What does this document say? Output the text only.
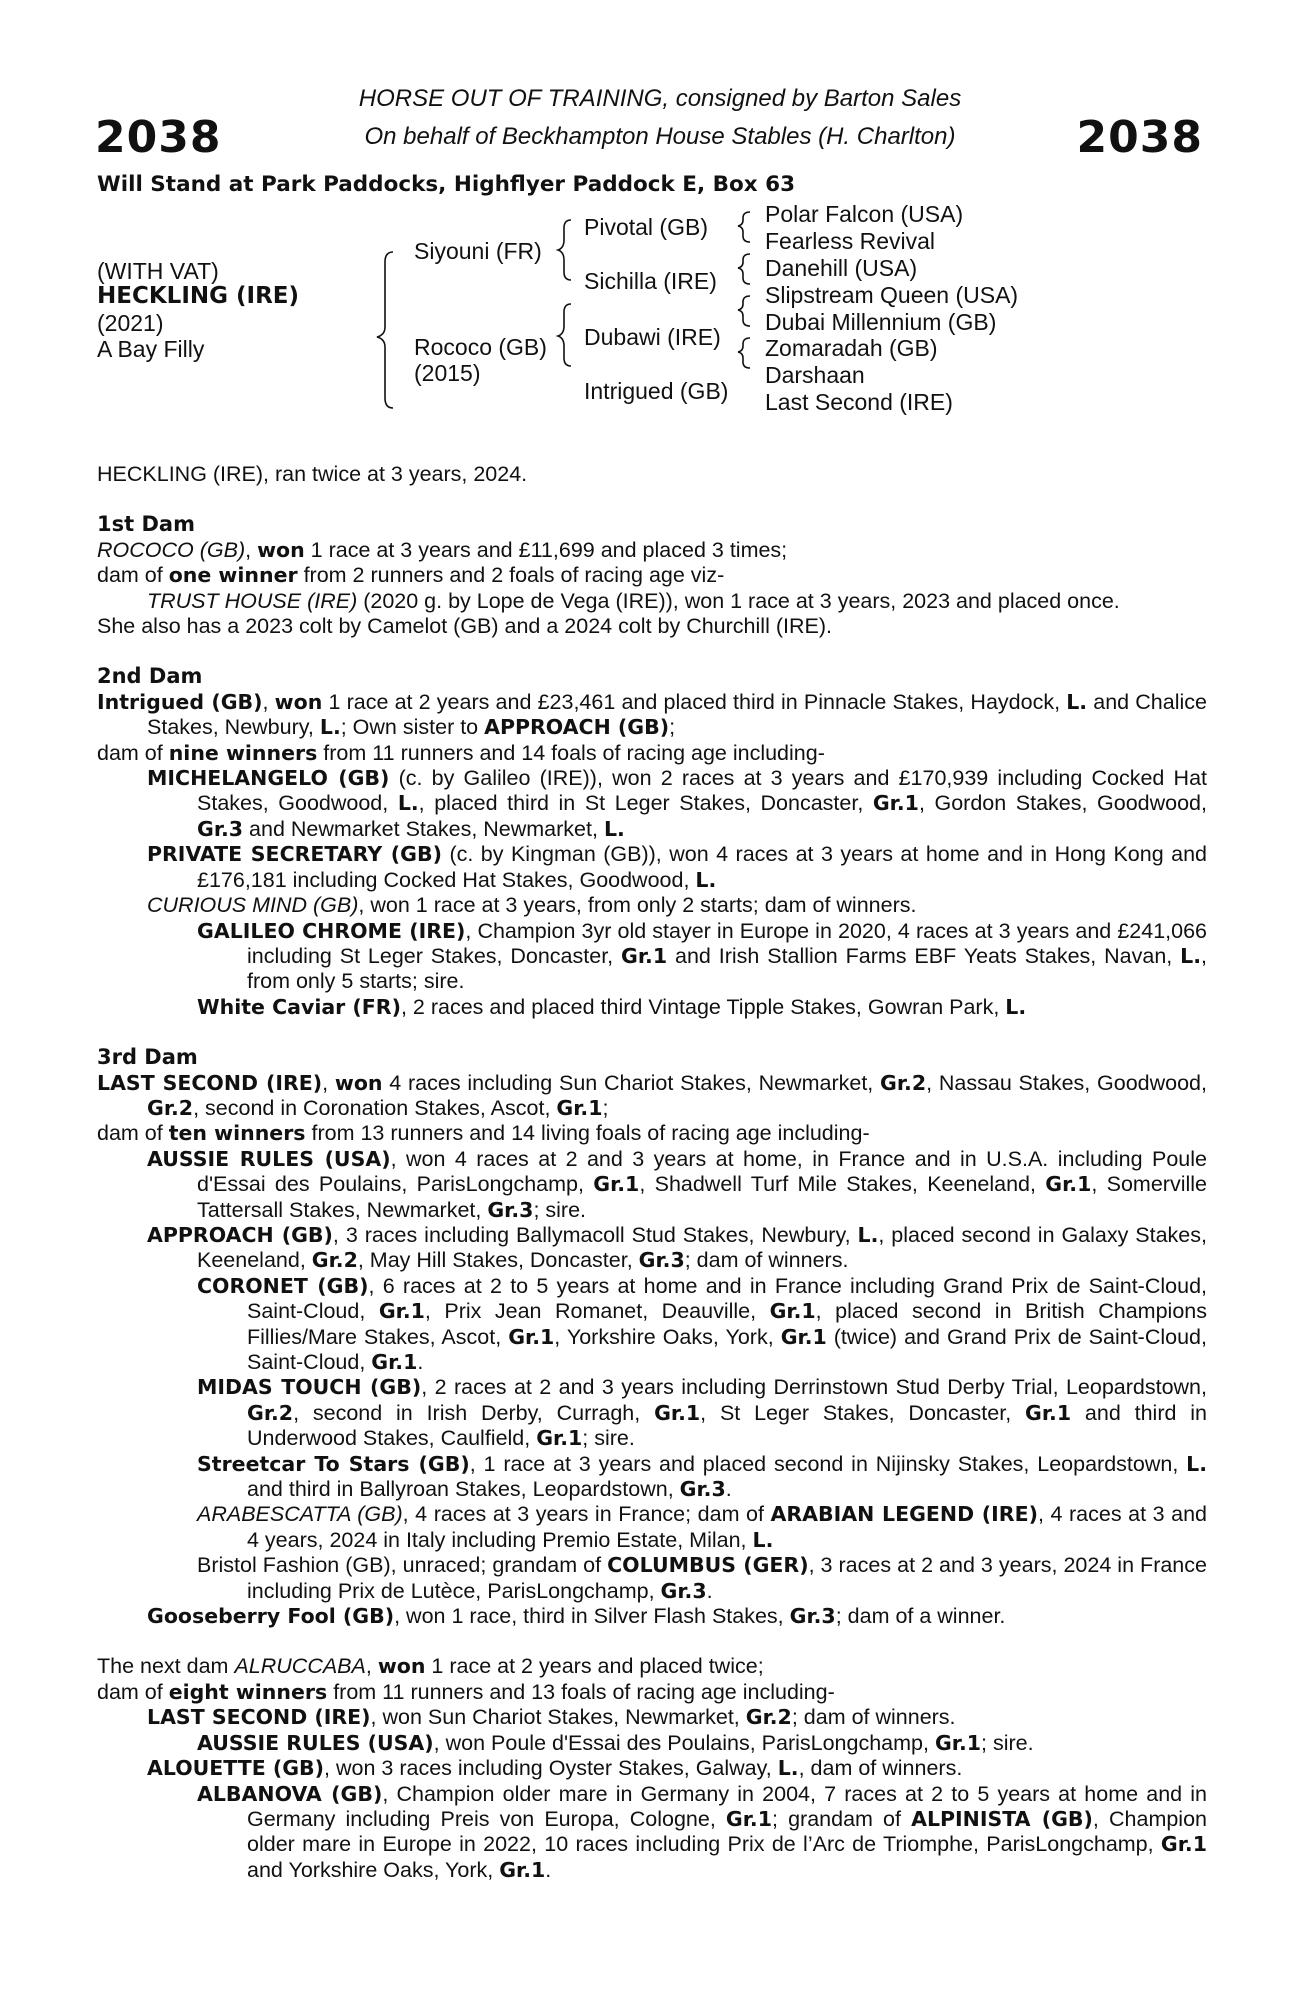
2038	2038
HORSE OUT OF TRAINING, consigned by Barton Sales
On behalf of Beckhampton House Stables (H. Charlton)
Will Stand at Park Paddocks, Highflyer Paddock E, Box 63
(WITH VAT)
HECKLING (IRE)
(2021)
A Bay Filly
Siyouni (FR)
Rococo (GB)
(2015)
Pivotal (GB)
Sichilla (IRE)
Dubawi (IRE)
Intrigued (GB)
Polar Falcon (USA)
Fearless Revival
Danehill (USA)
Slipstream Queen (USA)
Dubai Millennium (GB)
Zomaradah (GB)
Darshaan
Last Second (IRE)

HECKLING (IRE), ran twice at 3 years, 2024.

1st Dam

ROCOCO (GB), won 1 race at 3 years and £11,699 and placed 3 times;

dam of one winner from 2 runners and 2 foals of racing age viz-

TRUST HOUSE (IRE) (2020 g. by Lope de Vega (IRE)), won 1 race at 3 years, 2023 and placed once.

She also has a 2023 colt by Camelot (GB) and a 2024 colt by Churchill (IRE).

2nd Dam

Intrigued (GB), won 1 race at 2 years and £23,461 and placed third in Pinnacle Stakes, Haydock, L. and Chalice Stakes, Newbury, L.; Own sister to APPROACH (GB);

dam of nine winners from 11 runners and 14 foals of racing age including-

MICHELANGELO (GB) (c. by Galileo (IRE)), won 2 races at 3 years and £170,939 including Cocked Hat Stakes, Goodwood, L., placed third in St Leger Stakes, Doncaster, Gr.1, Gordon Stakes, Goodwood, Gr.3 and Newmarket Stakes, Newmarket, L.

PRIVATE SECRETARY (GB) (c. by Kingman (GB)), won 4 races at 3 years at home and in Hong Kong and £176,181 including Cocked Hat Stakes, Goodwood, L.

CURIOUS MIND (GB), won 1 race at 3 years, from only 2 starts; dam of winners.

GALILEO CHROME (IRE), Champion 3yr old stayer in Europe in 2020, 4 races at 3 years and £241,066 including St Leger Stakes, Doncaster, Gr.1 and Irish Stallion Farms EBF Yeats Stakes, Navan, L., from only 5 starts; sire.

White Caviar (FR), 2 races and placed third Vintage Tipple Stakes, Gowran Park, L.

3rd Dam

LAST SECOND (IRE), won 4 races including Sun Chariot Stakes, Newmarket, Gr.2, Nassau Stakes, Goodwood, Gr.2, second in Coronation Stakes, Ascot, Gr.1;

dam of ten winners from 13 runners and 14 living foals of racing age including-

AUSSIE RULES (USA), won 4 races at 2 and 3 years at home, in France and in U.S.A. including Poule d'Essai des Poulains, ParisLongchamp, Gr.1, Shadwell Turf Mile Stakes, Keeneland, Gr.1, Somerville Tattersall Stakes, Newmarket, Gr.3; sire.

APPROACH (GB), 3 races including Ballymacoll Stud Stakes, Newbury, L., placed second in Galaxy Stakes, Keeneland, Gr.2, May Hill Stakes, Doncaster, Gr.3; dam of winners.

CORONET (GB), 6 races at 2 to 5 years at home and in France including Grand Prix de Saint-Cloud, Saint-Cloud, Gr.1, Prix Jean Romanet, Deauville, Gr.1, placed second in British Champions Fillies/Mare Stakes, Ascot, Gr.1, Yorkshire Oaks, York, Gr.1 (twice) and Grand Prix de Saint-Cloud, Saint-Cloud, Gr.1.

MIDAS TOUCH (GB), 2 races at 2 and 3 years including Derrinstown Stud Derby Trial, Leopardstown, Gr.2, second in Irish Derby, Curragh, Gr.1, St Leger Stakes, Doncaster, Gr.1 and third in Underwood Stakes, Caulfield, Gr.1; sire.

Streetcar To Stars (GB), 1 race at 3 years and placed second in Nijinsky Stakes, Leopardstown, L. and third in Ballyroan Stakes, Leopardstown, Gr.3.

ARABESCATTA (GB), 4 races at 3 years in France; dam of ARABIAN LEGEND (IRE), 4 races at 3 and 4 years, 2024 in Italy including Premio Estate, Milan, L.

Bristol Fashion (GB), unraced; grandam of COLUMBUS (GER), 3 races at 2 and 3 years, 2024 in France including Prix de Lutèce, ParisLongchamp, Gr.3.

Gooseberry Fool (GB), won 1 race, third in Silver Flash Stakes, Gr.3; dam of a winner.

The next dam ALRUCCABA, won 1 race at 2 years and placed twice;

dam of eight winners from 11 runners and 13 foals of racing age including-

LAST SECOND (IRE), won Sun Chariot Stakes, Newmarket, Gr.2; dam of winners.

AUSSIE RULES (USA), won Poule d'Essai des Poulains, ParisLongchamp, Gr.1; sire.

ALOUETTE (GB), won 3 races including Oyster Stakes, Galway, L., dam of winners.

ALBANOVA (GB), Champion older mare in Germany in 2004, 7 races at 2 to 5 years at home and in Germany including Preis von Europa, Cologne, Gr.1; grandam of ALPINISTA (GB), Champion older mare in Europe in 2022, 10 races including Prix de l’Arc de Triomphe, ParisLongchamp, Gr.1 and Yorkshire Oaks, York, Gr.1.
